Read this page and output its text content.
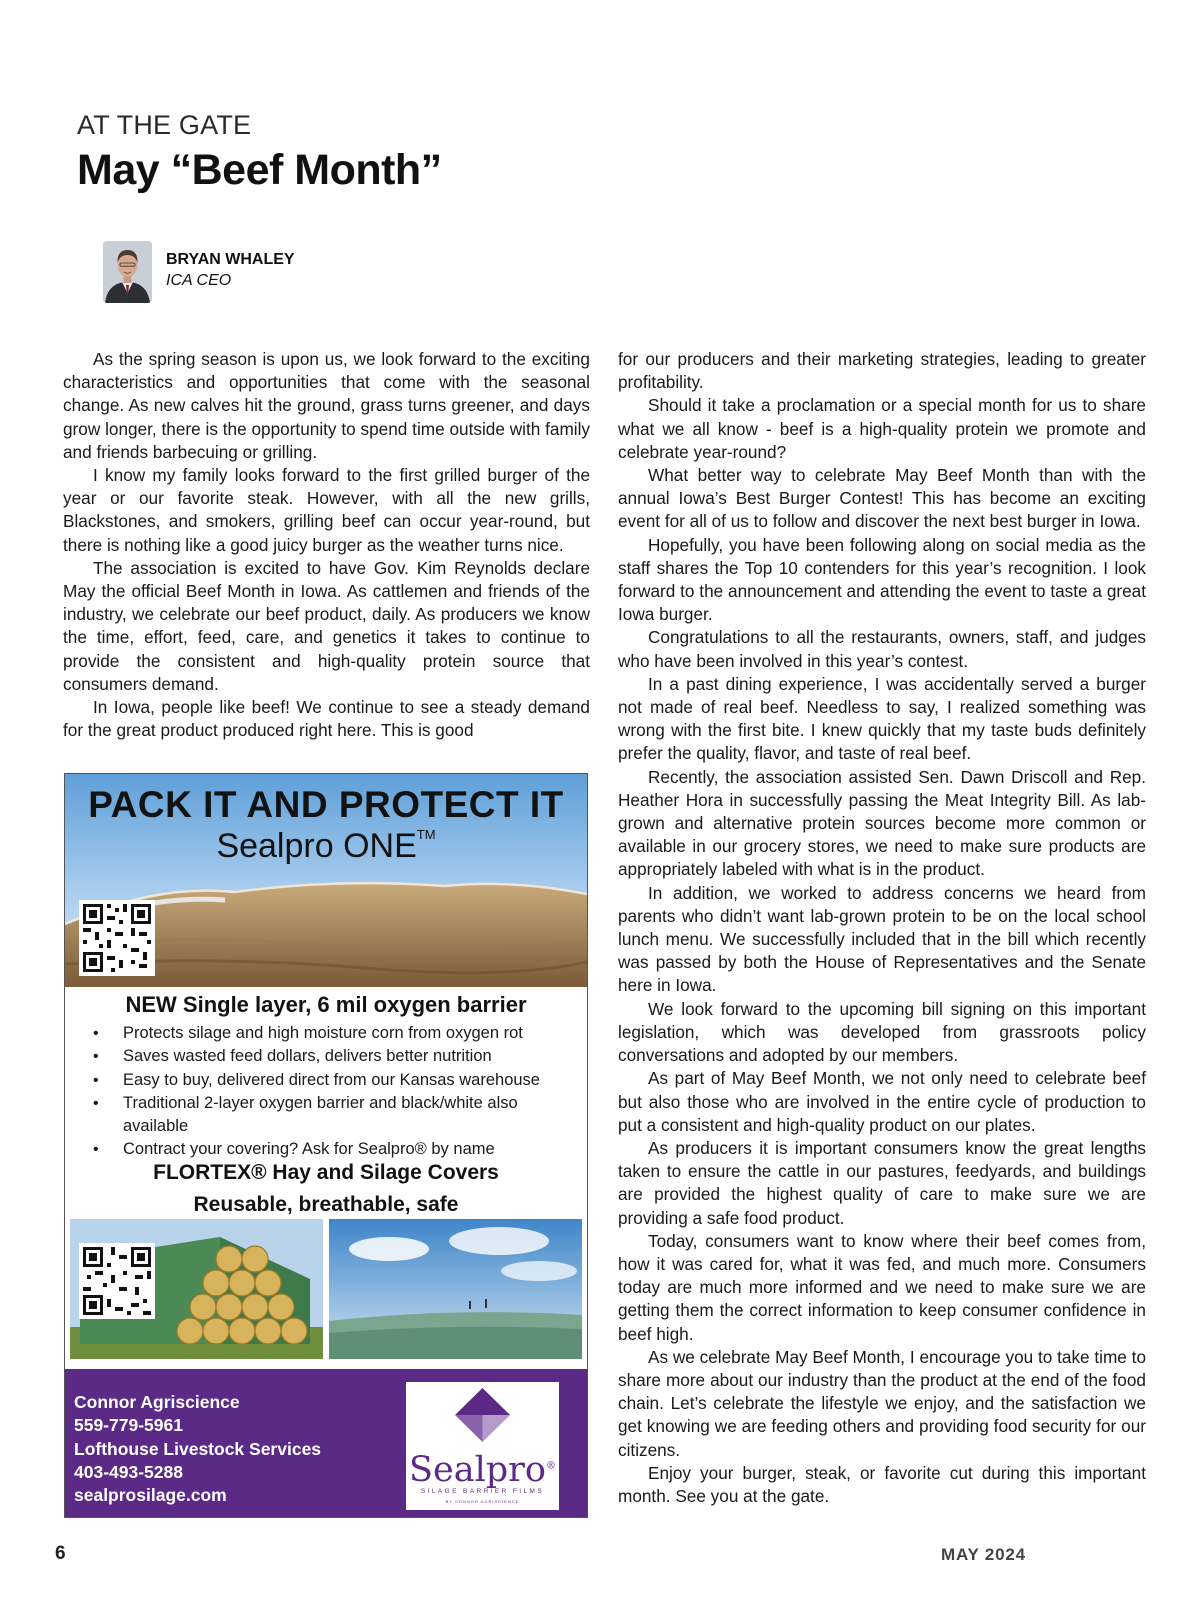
AT THE GATE
May “Beef Month”
BRYAN WHALEY
ICA CEO

As the spring season is upon us, we look forward to the exciting characteristics and opportunities that come with the seasonal change. As new calves hit the ground, grass turns greener, and days grow longer, there is the opportunity to spend time outside with family and friends barbecuing or grilling.

I know my family looks forward to the first grilled burger of the year or our favorite steak. However, with all the new grills, Blackstones, and smokers, grilling beef can occur year-round, but there is nothing like a good juicy burger as the weather turns nice.

The association is excited to have Gov. Kim Reynolds declare May the official Beef Month in Iowa. As cattlemen and friends of the industry, we celebrate our beef product, daily. As producers we know the time, effort, feed, care, and genetics it takes to continue to provide the consistent and high-quality protein source that consumers demand.

In Iowa, people like beef! We continue to see a steady demand for the great product produced right here. This is good

PACK IT AND PROTECT IT
Sealpro ONE™
NEW Single layer, 6 mil oxygen barrier
• Protects silage and high moisture corn from oxygen rot
• Saves wasted feed dollars, delivers better nutrition
• Easy to buy, delivered direct from our Kansas warehouse
• Traditional 2-layer oxygen barrier and black/white also available
• Contract your covering? Ask for Sealpro® by name
FLORTEX® Hay and Silage Covers
Reusable, breathable, safe
Connor Agriscience
559-779-5961
Lofthouse Livestock Services
403-493-5288
sealprosilage.com
Sealpro®
SILAGE BARRIER FILMS
BY CONNOR AGRISCIENCE

for our producers and their marketing strategies, leading to greater profitability.

Should it take a proclamation or a special month for us to share what we all know - beef is a high-quality protein we promote and celebrate year-round?

What better way to celebrate May Beef Month than with the annual Iowa’s Best Burger Contest! This has become an exciting event for all of us to follow and discover the next best burger in Iowa.

Hopefully, you have been following along on social media as the staff shares the Top 10 contenders for this year’s recognition. I look forward to the announcement and attending the event to taste a great Iowa burger.

Congratulations to all the restaurants, owners, staff, and judges who have been involved in this year’s contest.

In a past dining experience, I was accidentally served a burger not made of real beef. Needless to say, I realized something was wrong with the first bite. I knew quickly that my taste buds definitely prefer the quality, flavor, and taste of real beef.

Recently, the association assisted Sen. Dawn Driscoll and Rep. Heather Hora in successfully passing the Meat Integrity Bill. As lab-grown and alternative protein sources become more common or available in our grocery stores, we need to make sure products are appropriately labeled with what is in the product.

In addition, we worked to address concerns we heard from parents who didn’t want lab-grown protein to be on the local school lunch menu. We successfully included that in the bill which recently was passed by both the House of Representatives and the Senate here in Iowa.

We look forward to the upcoming bill signing on this important legislation, which was developed from grassroots policy conversations and adopted by our members.

As part of May Beef Month, we not only need to celebrate beef but also those who are involved in the entire cycle of production to put a consistent and high-quality product on our plates.

As producers it is important consumers know the great lengths taken to ensure the cattle in our pastures, feedyards, and buildings are provided the highest quality of care to make sure we are providing a safe food product.

Today, consumers want to know where their beef comes from, how it was cared for, what it was fed, and much more. Consumers today are much more informed and we need to make sure we are getting them the correct information to keep consumer confidence in beef high.

As we celebrate May Beef Month, I encourage you to take time to share more about our industry than the product at the end of the food chain. Let’s celebrate the lifestyle we enjoy, and the satisfaction we get knowing we are feeding others and providing food security for our citizens.

Enjoy your burger, steak, or favorite cut during this important month. See you at the gate.

6	MAY 2024
